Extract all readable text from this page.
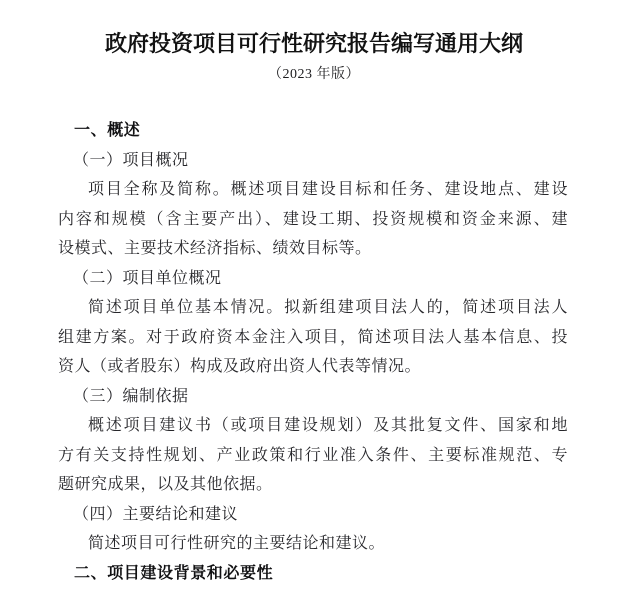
政府投资项目可行性研究报告编写通用大纲
（2023 年版）
一、概述
（一）项目概况
项目全称及简称。概述项目建设目标和任务、建设地点、建设
内容和规模（含主要产出）、建设工期、投资规模和资金来源、建
设模式、主要技术经济指标、绩效目标等。
（二）项目单位概况
简述项目单位基本情况。拟新组建项目法人的，简述项目法人
组建方案。对于政府资本金注入项目，简述项目法人基本信息、投
资人（或者股东）构成及政府出资人代表等情况。
（三）编制依据
概述项目建议书（或项目建设规划）及其批复文件、国家和地
方有关支持性规划、产业政策和行业准入条件、主要标准规范、专
题研究成果，以及其他依据。
（四）主要结论和建议
简述项目可行性研究的主要结论和建议。
二、项目建设背景和必要性
